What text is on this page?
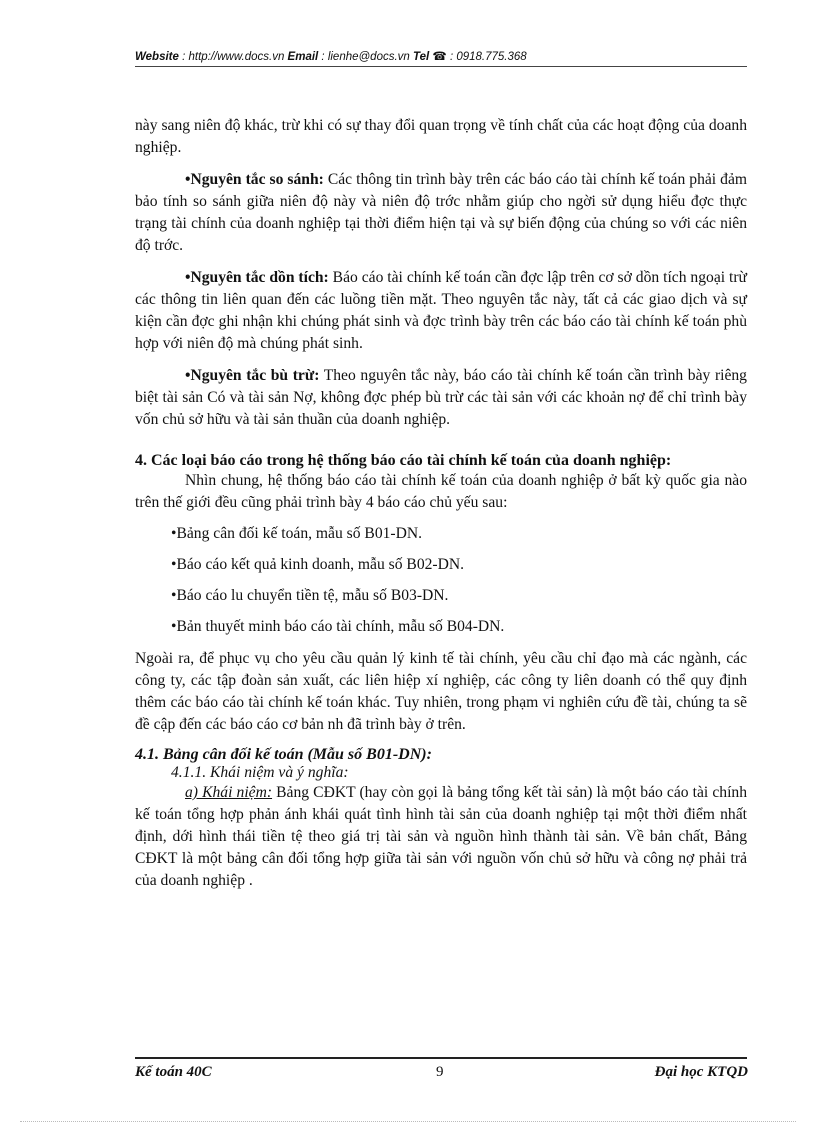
Website : http://www.docs.vn Email : lienhe@docs.vn Tel ☎ : 0918.775.368

này sang niên độ khác, trừ khi có sự thay đổi quan trọng về tính chất của các hoạt động của doanh nghiệp.

•Nguyên tắc so sánh: Các thông tin trình bày trên các báo cáo tài chính kế toán phải đảm bảo tính so sánh giữa niên độ này và niên độ trớc nhằm giúp cho ngời sử dụng hiểu đợc thực trạng tài chính của doanh nghiệp tại thời điểm hiện tại và sự biến động của chúng so với các niên độ trớc.

•Nguyên tắc dồn tích: Báo cáo tài chính kế toán cần đợc lập trên cơ sở dồn tích ngoại trừ các thông tin liên quan đến các luồng tiền mặt. Theo nguyên tắc này, tất cả các giao dịch và sự kiện cần đợc ghi nhận khi chúng phát sinh và đợc trình bày trên các báo cáo tài chính kế toán phù hợp với niên độ mà chúng phát sinh.

•Nguyên tắc bù trừ: Theo nguyên tắc này, báo cáo tài chính kế toán cần trình bày riêng biệt tài sản Có và tài sản Nợ, không đợc phép bù trừ các tài sản với các khoản nợ để chỉ trình bày vốn chủ sở hữu và tài sản thuần của doanh nghiệp.

4. Các loại báo cáo trong hệ thống báo cáo tài chính kế toán của doanh nghiệp:

Nhìn chung, hệ thống báo cáo tài chính kế toán của doanh nghiệp ở bất kỳ quốc gia nào trên thế giới đều cũng phải trình bày 4 báo cáo chủ yếu sau:

•Bảng cân đối kế toán, mẫu số B01-DN.

•Báo cáo kết quả kinh doanh, mẫu số B02-DN.

•Báo cáo lu chuyển tiền tệ, mẫu số B03-DN.

•Bản thuyết minh báo cáo tài chính, mẫu số B04-DN.

Ngoài ra, để phục vụ cho yêu cầu quản lý kinh tế tài chính, yêu cầu chỉ đạo mà các ngành, các công ty, các tập đoàn sản xuất, các liên hiệp xí nghiệp, các công ty liên doanh có thể quy định thêm các báo cáo tài chính kế toán khác. Tuy nhiên, trong phạm vi nghiên cứu đề tài, chúng ta sẽ đề cập đến các báo cáo cơ bản nh đã trình bày ở trên.

4.1. Bảng cân đối kế toán (Mẫu số B01-DN):

4.1.1. Khái niệm và ý nghĩa:

a) Khái niệm: Bảng CĐKT (hay còn gọi là bảng tổng kết tài sản) là một báo cáo tài chính kế toán tổng hợp phản ánh khái quát tình hình tài sản của doanh nghiệp tại một thời điểm nhất định, dới hình thái tiền tệ theo giá trị tài sản và nguồn hình thành tài sản. Về bản chất, Bảng CĐKT là một bảng cân đối tổng hợp giữa tài sản với nguồn vốn chủ sở hữu và công nợ phải trả của doanh nghiệp .

Kế toán 40C	9	Đại học KTQD
